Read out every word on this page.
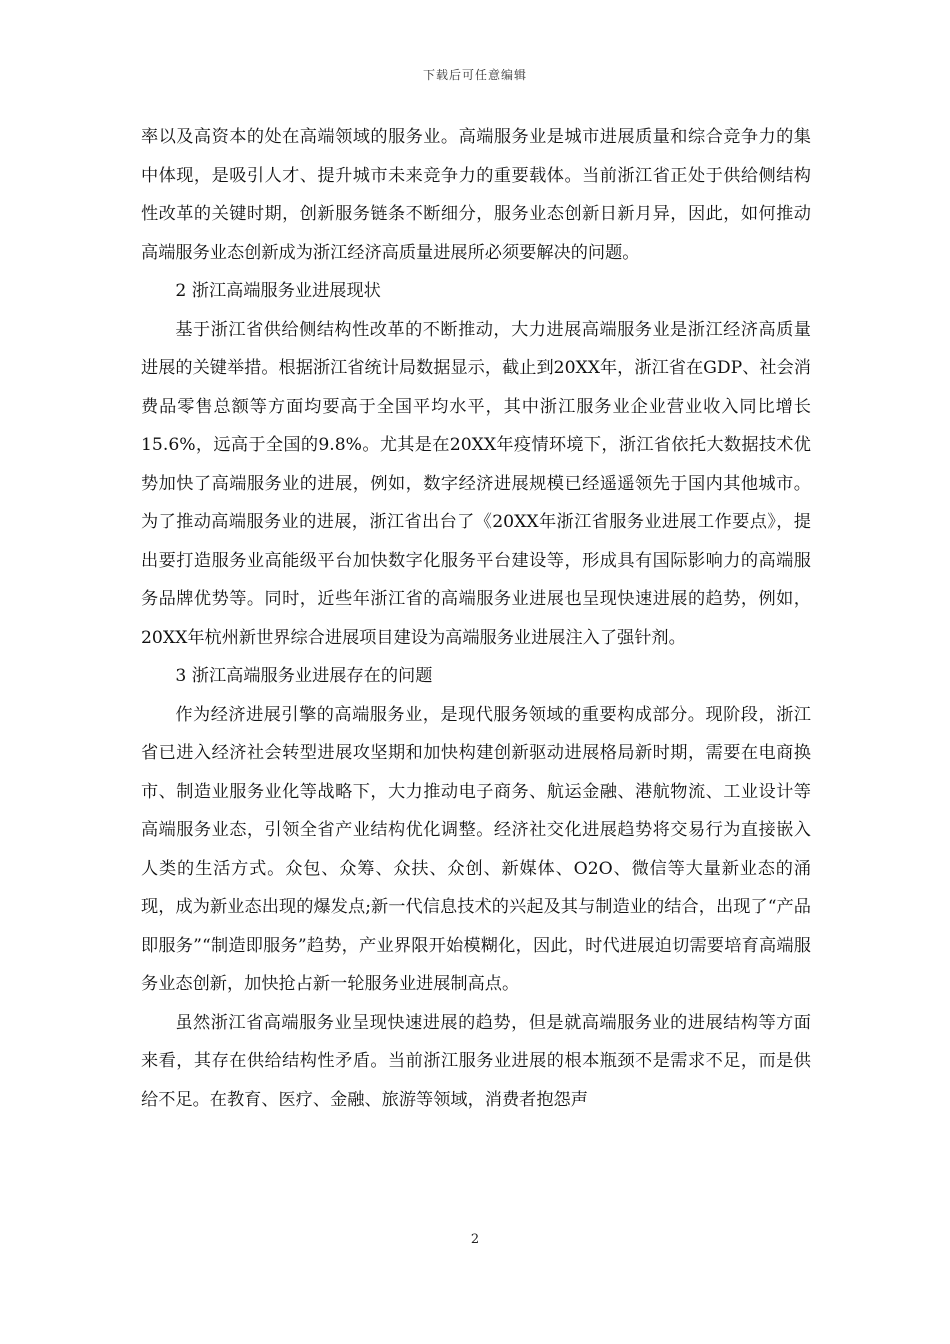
下载后可任意编辑

率以及高资本的处在高端领域的服务业。高端服务业是城市进展质量和综合竞争力的集中体现，是吸引人才、提升城市未来竞争力的重要载体。当前浙江省正处于供给侧结构性改革的关键时期，创新服务链条不断细分，服务业态创新日新月异，因此，如何推动高端服务业态创新成为浙江经济高质量进展所必须要解决的问题。

2 浙江高端服务业进展现状

基于浙江省供给侧结构性改革的不断推动，大力进展高端服务业是浙江经济高质量进展的关键举措。根据浙江省统计局数据显示，截止到20XX年，浙江省在GDP、社会消费品零售总额等方面均要高于全国平均水平，其中浙江服务业企业营业收入同比增长15.6%，远高于全国的9.8%。尤其是在20XX年疫情环境下，浙江省依托大数据技术优势加快了高端服务业的进展，例如，数字经济进展规模已经遥遥领先于国内其他城市。为了推动高端服务业的进展，浙江省出台了《20XX年浙江省服务业进展工作要点》，提出要打造服务业高能级平台加快数字化服务平台建设等，形成具有国际影响力的高端服务品牌优势等。同时，近些年浙江省的高端服务业进展也呈现快速进展的趋势，例如，20XX年杭州新世界综合进展项目建设为高端服务业进展注入了强针剂。

3 浙江高端服务业进展存在的问题

作为经济进展引擎的高端服务业，是现代服务领域的重要构成部分。现阶段，浙江省已进入经济社会转型进展攻坚期和加快构建创新驱动进展格局新时期，需要在电商换市、制造业服务业化等战略下，大力推动电子商务、航运金融、港航物流、工业设计等高端服务业态，引领全省产业结构优化调整。经济社交化进展趋势将交易行为直接嵌入人类的生活方式。众包、众筹、众扶、众创、新媒体、O2O、微信等大量新业态的涌现，成为新业态出现的爆发点;新一代信息技术的兴起及其与制造业的结合，出现了“产品即服务”“制造即服务”趋势，产业界限开始模糊化，因此，时代进展迫切需要培育高端服务业态创新，加快抢占新一轮服务业进展制高点。

虽然浙江省高端服务业呈现快速进展的趋势，但是就高端服务业的进展结构等方面来看，其存在供给结构性矛盾。当前浙江服务业进展的根本瓶颈不是需求不足，而是供给不足。在教育、医疗、金融、旅游等领域，消费者抱怨声

2
